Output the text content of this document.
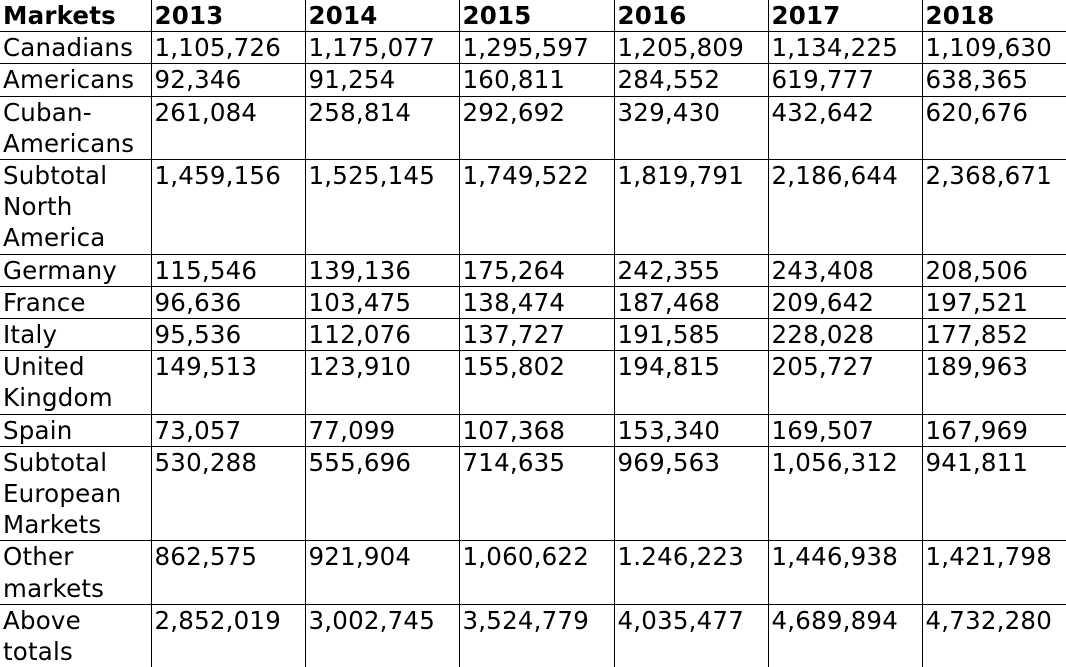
Markets	2013	2014	2015	2016	2017	2018
Canadians	1,105,726	1,175,077	1,295,597	1,205,809	1,134,225	1,109,630
Americans	92,346	91,254	160,811	284,552	619,777	638,365
Cuban-Americans	261,084	258,814	292,692	329,430	432,642	620,676
Subtotal North America	1,459,156	1,525,145	1,749,522	1,819,791	2,186,644	2,368,671
Germany	115,546	139,136	175,264	242,355	243,408	208,506
France	96,636	103,475	138,474	187,468	209,642	197,521
Italy	95,536	112,076	137,727	191,585	228,028	177,852
United Kingdom	149,513	123,910	155,802	194,815	205,727	189,963
Spain	73,057	77,099	107,368	153,340	169,507	167,969
Subtotal European Markets	530,288	555,696	714,635	969,563	1,056,312	941,811
Other markets	862,575	921,904	1,060,622	1.246,223	1,446,938	1,421,798
Above totals	2,852,019	3,002,745	3,524,779	4,035,477	4,689,894	4,732,280
